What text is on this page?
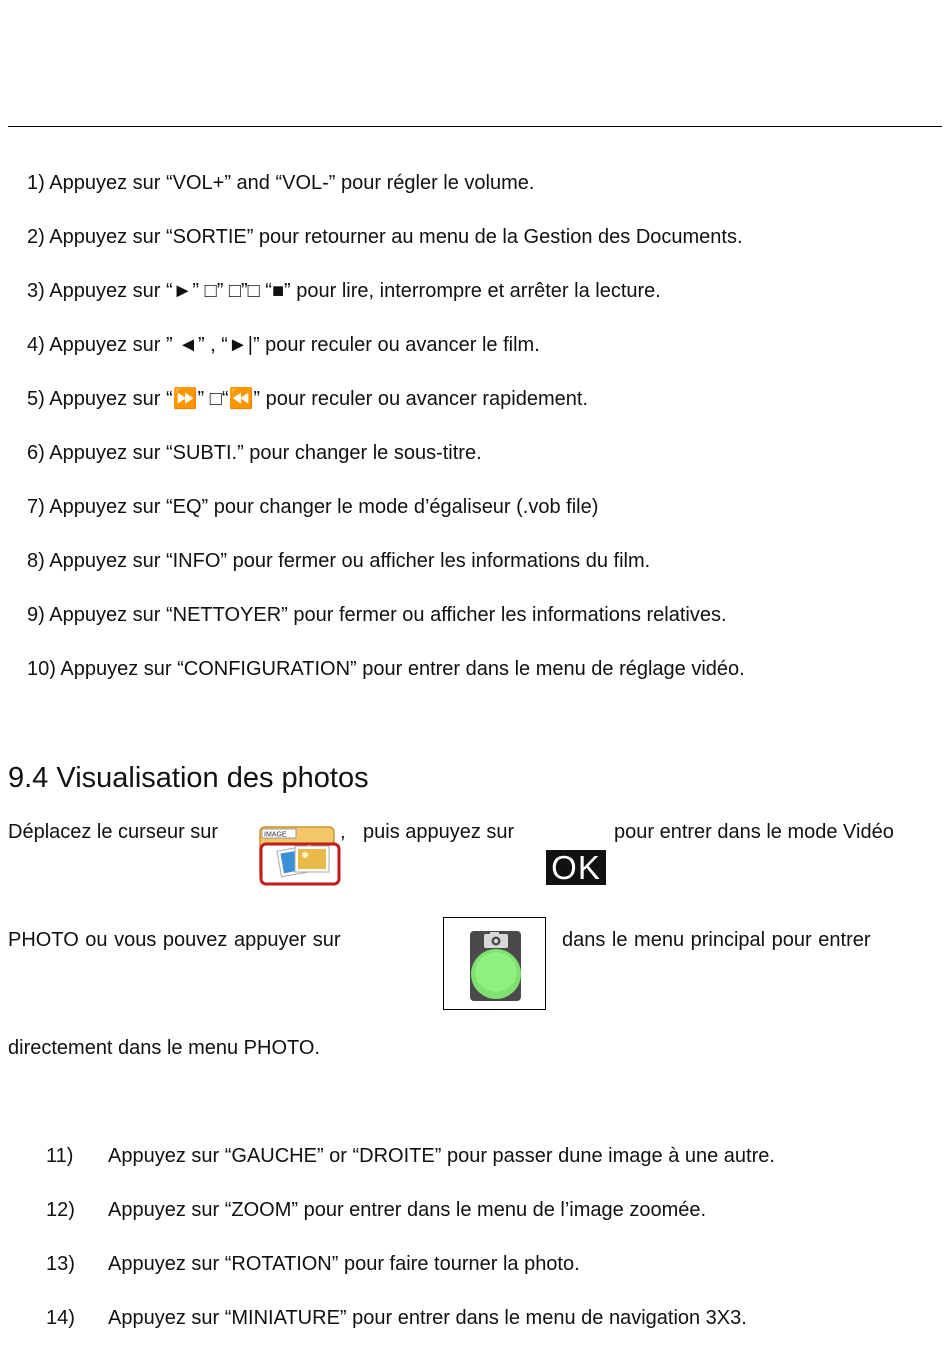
1) Appuyez sur “VOL+” and “VOL-” pour régler le volume.
2) Appuyez sur “SORTIE” pour retourner au menu de la Gestion des Documents.
3) Appuyez sur “►” □” □”□ “■” pour lire, interrompre et arrêter la lecture.
4) Appuyez sur ” ◄” , “►|” pour reculer ou avancer le film.
5) Appuyez sur “⏩” □“⏪” pour reculer ou avancer rapidement.
6) Appuyez sur “SUBTI.” pour changer le sous-titre.
7) Appuyez sur “EQ” pour changer le mode d’égaliseur (.vob file)
8) Appuyez sur “INFO” pour fermer ou afficher les informations du film.
9) Appuyez sur “NETTOYER” pour fermer ou afficher les informations relatives.
10) Appuyez sur “CONFIGURATION” pour entrer dans le menu de réglage vidéo.
9.4 Visualisation des photos
Déplacez le curseur sur	IMAGE	, puis appuyez sur
OK
pour entrer dans le mode Vidéo
PHOTO ou vous pouvez appuyer sur	dans le menu principal pour entrer
directement dans le menu PHOTO.
11) Appuyez sur “GAUCHE” or “DROITE” pour passer dune image à une autre.
12) Appuyez sur “ZOOM” pour entrer dans le menu de l’image zoomée.
13) Appuyez sur “ROTATION” pour faire tourner la photo.
14) Appuyez sur “MINIATURE” pour entrer dans le menu de navigation 3X3.
